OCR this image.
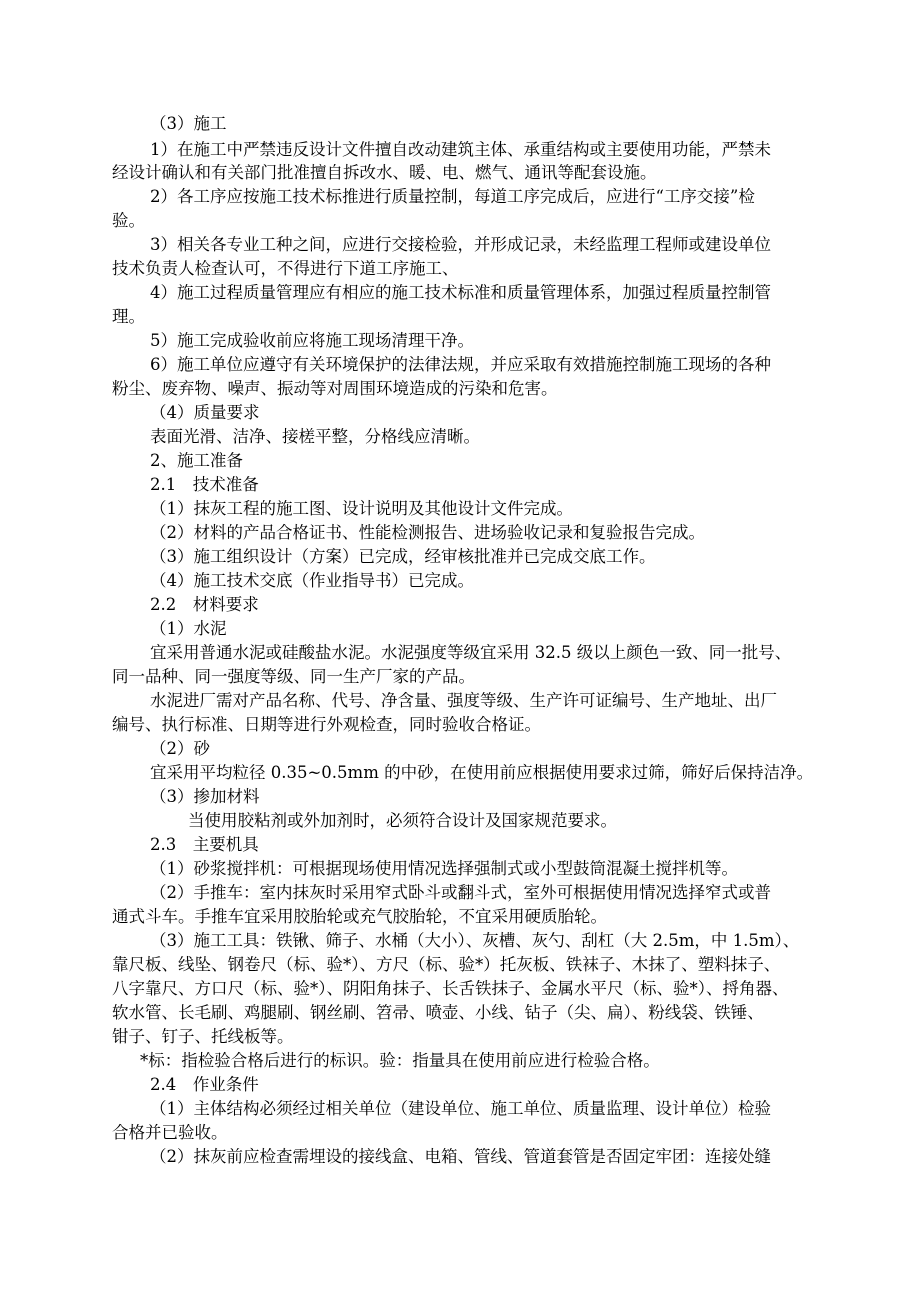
（3）施工
1）在施工中严禁违反设计文件擅自改动建筑主体、承重结构或主要使用功能，严禁未
经设计确认和有关部门批准擅自拆改水、暖、电、燃气、通讯等配套设施。
2）各工序应按施工技术标推进行质量控制，每道工序完成后，应进行“工序交接”检
验。
3）相关各专业工种之间，应进行交接检验，并形成记录，未经监理工程师或建设单位
技术负责人检查认可，不得进行下道工序施工、
4）施工过程质量管理应有相应的施工技术标准和质量管理体系，加强过程质量控制管
理。
5）施工完成验收前应将施工现场清理干净。
6）施工单位应遵守有关环境保护的法律法规，并应采取有效措施控制施工现场的各种
粉尘、废弃物、噪声、振动等对周围环境造成的污染和危害。
（4）质量要求
表面光滑、洁净、接槎平整，分格线应清晰。
2、施工准备
2.1　技术准备
（1）抹灰工程的施工图、设计说明及其他设计文件完成。
（2）材料的产品合格证书、性能检测报告、进场验收记录和复验报告完成。
（3）施工组织设计（方案）已完成，经审核批准并已完成交底工作。
（4）施工技术交底（作业指导书）已完成。
2.2　材料要求
（1）水泥
宜采用普通水泥或硅酸盐水泥。水泥强度等级宜采用 32.5 级以上颜色一致、同一批号、
同一品种、同一强度等级、同一生产厂家的产品。
水泥进厂需对产品名称、代号、净含量、强度等级、生产许可证编号、生产地址、出厂
编号、执行标准、日期等进行外观检查，同时验收合格证。
（2）砂
宜采用平均粒径 0.35~0.5mm 的中砂，在使用前应根据使用要求过筛，筛好后保持洁净。
（3）掺加材料
当使用胶粘剂或外加剂时，必须符合设计及国家规范要求。
2.3　主要机具
（1）砂浆搅拌机：可根据现场使用情况选择强制式或小型鼓筒混凝土搅拌机等。
（2）手推车：室内抹灰时采用窄式卧斗或翻斗式，室外可根据使用情况选择窄式或普
通式斗车。手推车宜采用胶胎轮或充气胶胎轮，不宜采用硬质胎轮。
（3）施工工具：铁锹、筛子、水桶（大小）、灰槽、灰勺、刮杠（大 2.5m，中 1.5m）、
靠尺板、线坠、钢卷尺（标、验*）、方尺（标、验*）托灰板、铁袜子、木抹了、塑料抹子、
八字靠尺、方口尺（标、验*）、阴阳角抹子、长舌铁抹子、金属水平尺（标、验*）、捋角器、
软水管、长毛刷、鸡腿刷、钢丝刷、笤帚、喷壶、小线、钻子（尖、扁）、粉线袋、铁锤、
钳子、钉子、托线板等。
*标：指检验合格后进行的标识。验：指量具在使用前应进行检验合格。
2.4　作业条件
（1）主体结构必须经过相关单位（建设单位、施工单位、质量监理、设计单位）检验
合格并已验收。
（2）抹灰前应检查需埋设的接线盒、电箱、管线、管道套管是否固定牢团：连接处缝
